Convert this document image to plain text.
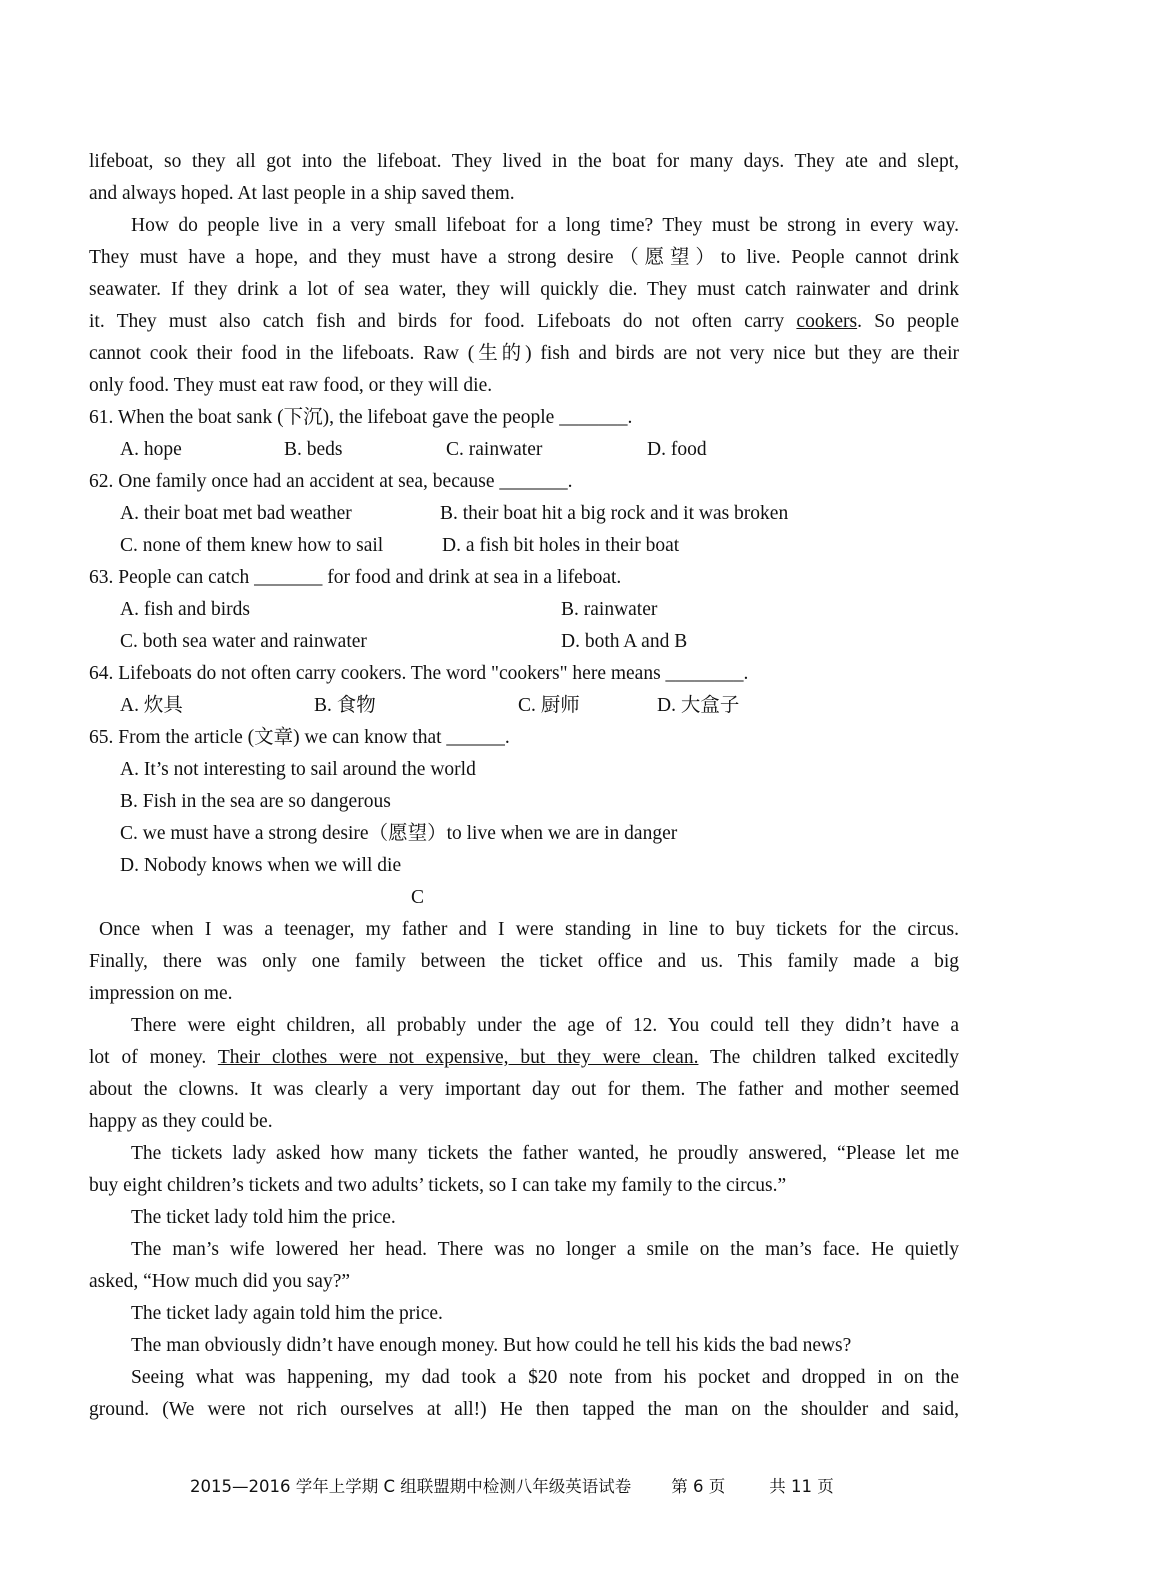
lifeboat, so they all got into the lifeboat. They lived in the boat for many days. They ate and slept,
and always hoped. At last people in a ship saved them.
How do people live in a very small lifeboat for a long time? They must be strong in every way.
They must have a hope, and they must have a strong desire（愿望）to live. People cannot drink
seawater. If they drink a lot of sea water, they will quickly die. They must catch rainwater and drink
it. They must also catch fish and birds for food. Lifeboats do not often carry cookers. So people
cannot cook their food in the lifeboats. Raw (生的) fish and birds are not very nice but they are their
only food. They must eat raw food, or they will die.
61. When the boat sank (下沉), the lifeboat gave the people _______.
A. hope	B. beds	C. rainwater	D. food
62. One family once had an accident at sea, because _______.
A. their boat met bad weather	B. their boat hit a big rock and it was broken
C. none of them knew how to sail	D. a fish bit holes in their boat
63. People can catch _______ for food and drink at sea in a lifeboat.
A. fish and birds	B. rainwater
C. both sea water and rainwater	D. both A and B
64. Lifeboats do not often carry cookers. The word "cookers" here means ________.
A. 炊具	B. 食物	C. 厨师	D. 大盒子
65. From the article (文章) we can know that ______.
A. It’s not interesting to sail around the world
B. Fish in the sea are so dangerous
C. we must have a strong desire（愿望）to live when we are in danger
D. Nobody knows when we will die
C
Once when I was a teenager, my father and I were standing in line to buy tickets for the circus.
Finally, there was only one family between the ticket office and us. This family made a big
impression on me.
There were eight children, all probably under the age of 12. You could tell they didn’t have a
lot of money. Their clothes were not expensive, but they were clean. The children talked excitedly
about the clowns. It was clearly a very important day out for them. The father and mother seemed
happy as they could be.
The tickets lady asked how many tickets the father wanted, he proudly answered, “Please let me
buy eight children’s tickets and two adults’ tickets, so I can take my family to the circus.”
The ticket lady told him the price.
The man’s wife lowered her head. There was no longer a smile on the man’s face. He quietly
asked, “How much did you say?”
The ticket lady again told him the price.
The man obviously didn’t have enough money. But how could he tell his kids the bad news?
Seeing what was happening, my dad took a $20 note from his pocket and dropped in on the
ground. (We were not rich ourselves at all!) He then tapped the man on the shoulder and said,
2015—2016 学年上学期 C 组联盟期中检测八年级英语试卷 第 6 页	共 11 页
